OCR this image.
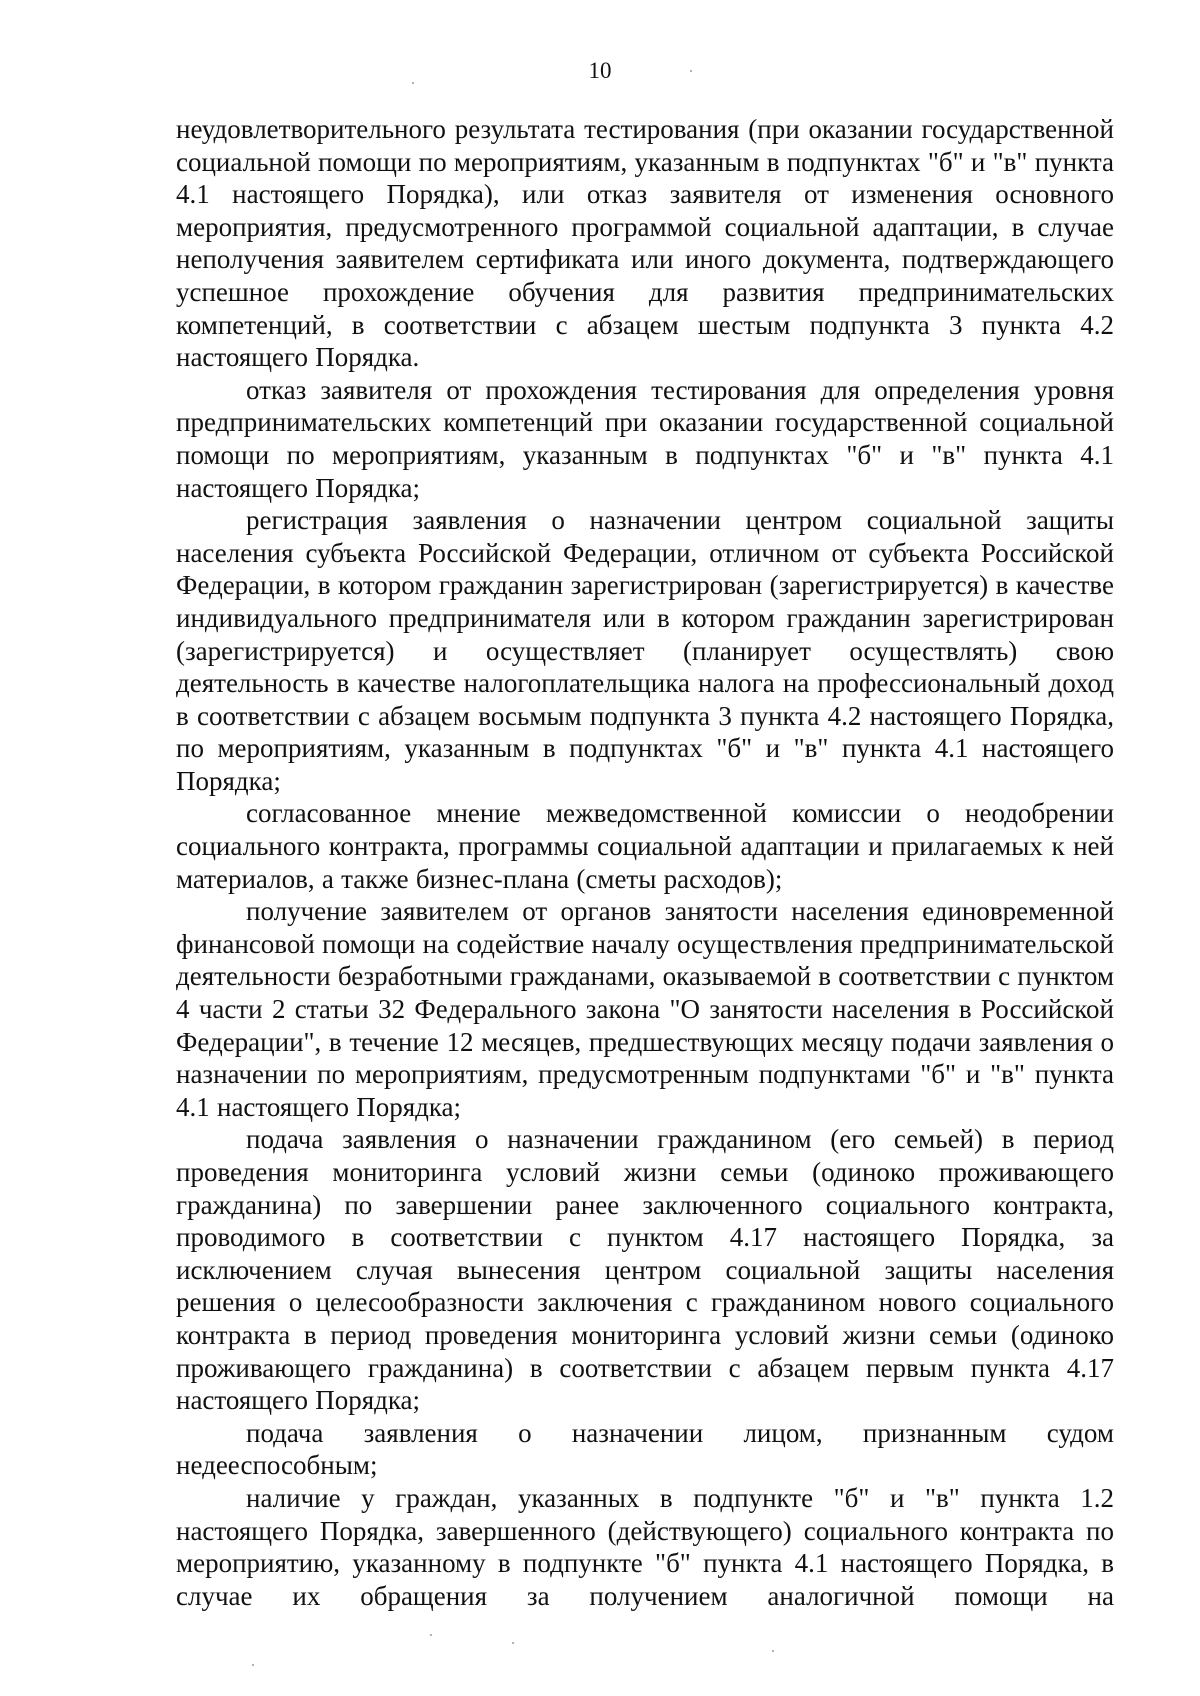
10

неудовлетворительного результата тестирования (при оказании государственной социальной помощи по мероприятиям, указанным в подпунктах "б" и "в" пункта 4.1 настоящего Порядка), или отказ заявителя от изменения основного мероприятия, предусмотренного программой социальной адаптации, в случае неполучения заявителем сертификата или иного документа, подтверждающего успешное прохождение обучения для развития предпринимательских компетенций, в соответствии с абзацем шестым подпункта 3 пункта 4.2 настоящего Порядка.

отказ заявителя от прохождения тестирования для определения уровня предпринимательских компетенций при оказании государственной социальной помощи по мероприятиям, указанным в подпунктах "б" и "в" пункта 4.1 настоящего Порядка;

регистрация заявления о назначении центром социальной защиты населения субъекта Российской Федерации, отличном от субъекта Российской Федерации, в котором гражданин зарегистрирован (зарегистрируется) в качестве индивидуального предпринимателя или в котором гражданин зарегистрирован (зарегистрируется) и осуществляет (планирует осуществлять) свою деятельность в качестве налогоплательщика налога на профессиональный доход в соответствии с абзацем восьмым подпункта 3 пункта 4.2 настоящего Порядка, по мероприятиям, указанным в подпунктах "б" и "в" пункта 4.1 настоящего Порядка;

согласованное мнение межведомственной комиссии о неодобрении социального контракта, программы социальной адаптации и прилагаемых к ней материалов, а также бизнес-плана (сметы расходов);

получение заявителем от органов занятости населения единовременной финансовой помощи на содействие началу осуществления предпринимательской деятельности безработными гражданами, оказываемой в соответствии с пунктом 4 части 2 статьи 32 Федерального закона "О занятости населения в Российской Федерации", в течение 12 месяцев, предшествующих месяцу подачи заявления о назначении по мероприятиям, предусмотренным подпунктами "б" и "в" пункта 4.1 настоящего Порядка;

подача заявления о назначении гражданином (его семьей) в период проведения мониторинга условий жизни семьи (одиноко проживающего гражданина) по завершении ранее заключенного социального контракта, проводимого в соответствии с пунктом 4.17 настоящего Порядка, за исключением случая вынесения центром социальной защиты населения решения о целесообразности заключения с гражданином нового социального контракта в период проведения мониторинга условий жизни семьи (одиноко проживающего гражданина) в соответствии с абзацем первым пункта 4.17 настоящего Порядка;

подача заявления о назначении лицом, признанным судом недееспособным;

наличие у граждан, указанных в подпункте "б" и "в" пункта 1.2 настоящего Порядка, завершенного (действующего) социального контракта по мероприятию, указанному в подпункте "б" пункта 4.1 настоящего Порядка, в случае их обращения за получением аналогичной помощи на
